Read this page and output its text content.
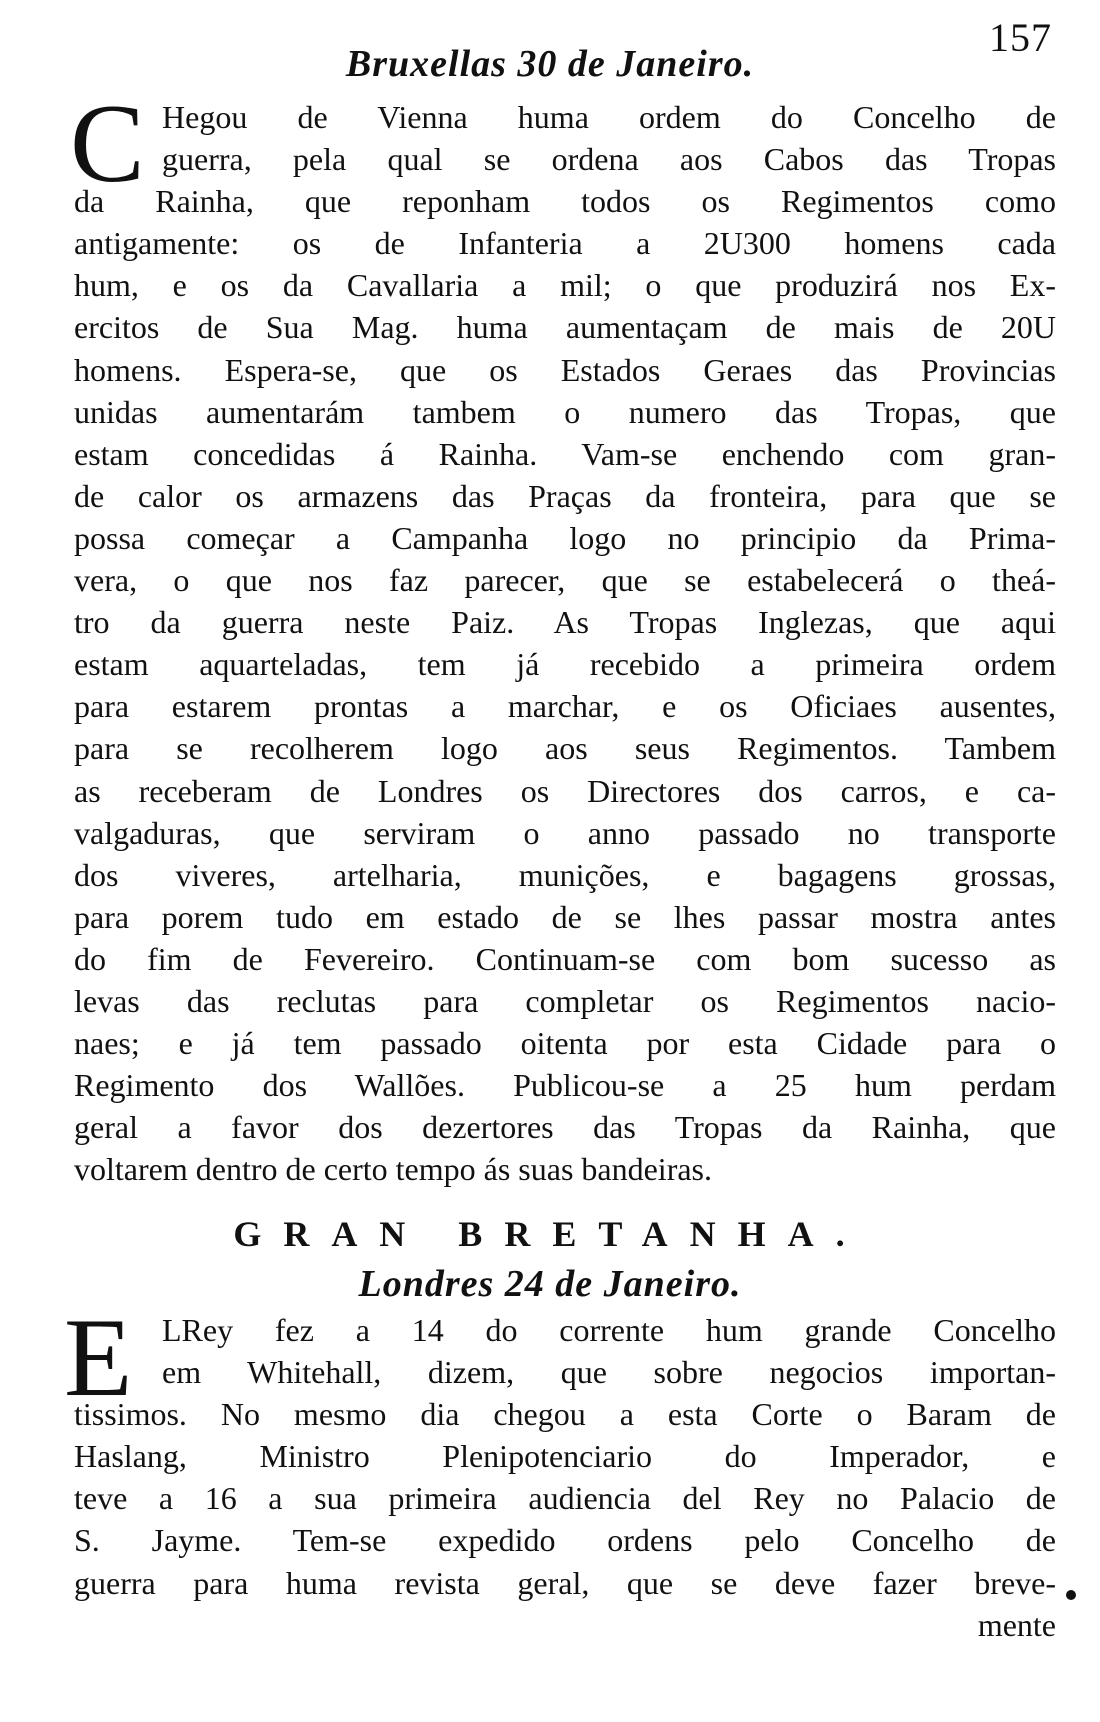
157
Bruxellas 30 de Janeiro.
C Hegou de Vienna huma ordem do Concelho de
guerra, pela qual se ordena aos Cabos das Tropas
da Rainha, que reponham todos os Regimentos como
antigamente: os de Infanteria a 2U300 homens cada
hum, e os da Cavallaria a mil; o que produzirá nos Ex-
ercitos de Sua Mag. huma aumentaçam de mais de 20U
homens. Espera-se, que os Estados Geraes das Provincias
unidas aumentarám tambem o numero das Tropas, que
estam concedidas á Rainha. Vam-se enchendo com gran-
de calor os armazens das Praças da fronteira, para que se
possa começar a Campanha logo no principio da Prima-
vera, o que nos faz parecer, que se estabelecerá o theá-
tro da guerra neste Paiz. As Tropas Inglezas, que aqui
estam aquarteladas, tem já recebido a primeira ordem
para estarem prontas a marchar, e os Oficiaes ausentes,
para se recolherem logo aos seus Regimentos. Tambem
as receberam de Londres os Directores dos carros, e ca-
valgaduras, que serviram o anno passado no transporte
dos viveres, artelharia, munições, e bagagens grossas,
para porem tudo em estado de se lhes passar mostra antes
do fim de Fevereiro. Continuam-se com bom sucesso as
levas das reclutas para completar os Regimentos nacio-
naes; e já tem passado oitenta por esta Cidade para o
Regimento dos Wallões. Publicou-se a 25 hum perdam
geral a favor dos dezertores das Tropas da Rainha, que
voltarem dentro de certo tempo ás suas bandeiras.
GRAN BRETANHA.
Londres 24 de Janeiro.
E LRey fez a 14 do corrente hum grande Concelho
em Whitehall, dizem, que sobre negocios importan-
tissimos. No mesmo dia chegou a esta Corte o Baram de
Haslang, Ministro Plenipotenciario do Imperador, e
teve a 16 a sua primeira audiencia del Rey no Palacio de
S. Jayme. Tem-se expedido ordens pelo Concelho de
guerra para huma revista geral, que se deve fazer breve-
mente
